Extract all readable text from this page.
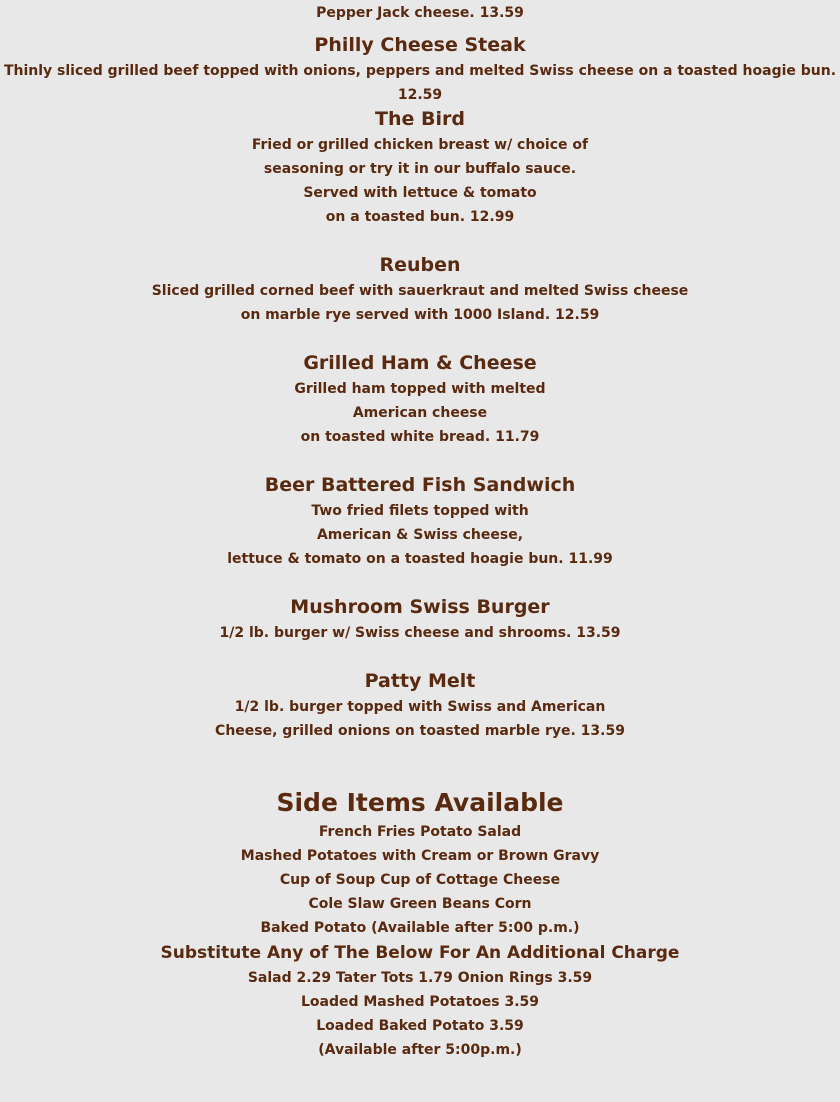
Pepper Jack cheese. 13.59

Philly Cheese Steak

Thinly sliced grilled beef topped with onions, peppers and melted Swiss cheese on a toasted hoagie bun. 12.59

The Bird

Fried or grilled chicken breast w/ choice of

seasoning or try it in our buffalo sauce.

Served with lettuce & tomato

on a toasted bun. 12.99

Reuben

Sliced grilled corned beef with sauerkraut and melted Swiss cheese

on marble rye served with 1000 Island. 12.59

Grilled Ham & Cheese

Grilled ham topped with melted

American cheese

on toasted white bread. 11.79

Beer Battered Fish Sandwich

Two fried filets topped with

American & Swiss cheese,

lettuce & tomato on a toasted hoagie bun. 11.99

Mushroom Swiss Burger

1/2 lb. burger w/ Swiss cheese and shrooms. 13.59

Patty Melt

1/2 lb. burger topped with Swiss and American

Cheese, grilled onions on toasted marble rye. 13.59

Side Items Available

French Fries Potato Salad

Mashed Potatoes with Cream or Brown Gravy

Cup of Soup Cup of Cottage Cheese

Cole Slaw Green Beans Corn

Baked Potato (Available after 5:00 p.m.)

Substitute Any of The Below For An Additional Charge

Salad 2.29 Tater Tots 1.79 Onion Rings 3.59

Loaded Mashed Potatoes 3.59

Loaded Baked Potato 3.59

(Available after 5:00p.m.)
